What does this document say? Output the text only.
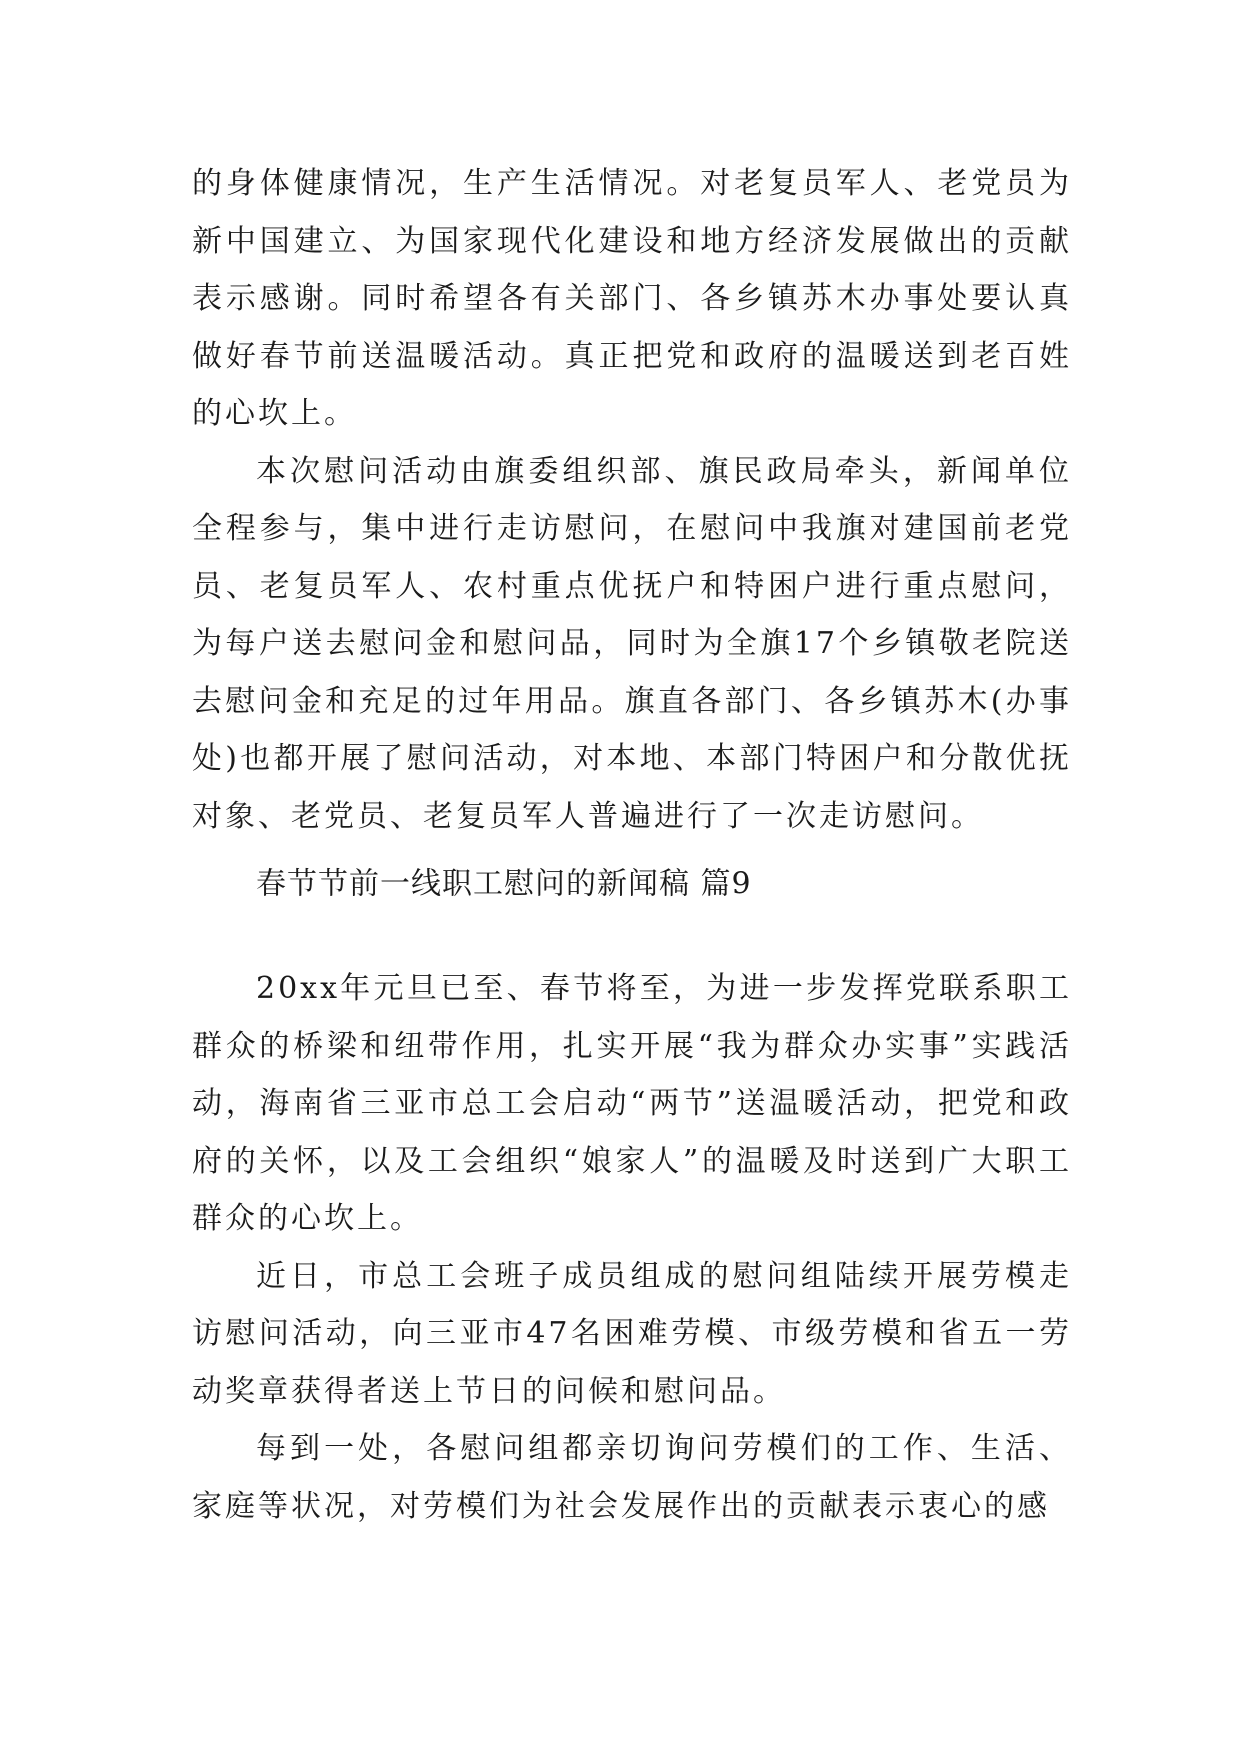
的身体健康情况，生产生活情况。对老复员军人、老党员为新中国建立、为国家现代化建设和地方经济发展做出的贡献表示感谢。同时希望各有关部门、各乡镇苏木办事处要认真做好春节前送温暖活动。真正把党和政府的温暖送到老百姓的心坎上。

本次慰问活动由旗委组织部、旗民政局牵头，新闻单位全程参与，集中进行走访慰问，在慰问中我旗对建国前老党员、老复员军人、农村重点优抚户和特困户进行重点慰问，为每户送去慰问金和慰问品，同时为全旗17个乡镇敬老院送去慰问金和充足的过年用品。旗直各部门、各乡镇苏木(办事处)也都开展了慰问活动，对本地、本部门特困户和分散优抚对象、老党员、老复员军人普遍进行了一次走访慰问。

春节节前一线职工慰问的新闻稿 篇9

20xx年元旦已至、春节将至，为进一步发挥党联系职工群众的桥梁和纽带作用，扎实开展“我为群众办实事”实践活动，海南省三亚市总工会启动“两节”送温暖活动，把党和政府的关怀，以及工会组织“娘家人”的温暖及时送到广大职工群众的心坎上。

近日，市总工会班子成员组成的慰问组陆续开展劳模走访慰问活动，向三亚市47名困难劳模、市级劳模和省五一劳动奖章获得者送上节日的问候和慰问品。

每到一处，各慰问组都亲切询问劳模们的工作、生活、家庭等状况，对劳模们为社会发展作出的贡献表示衷心的感
